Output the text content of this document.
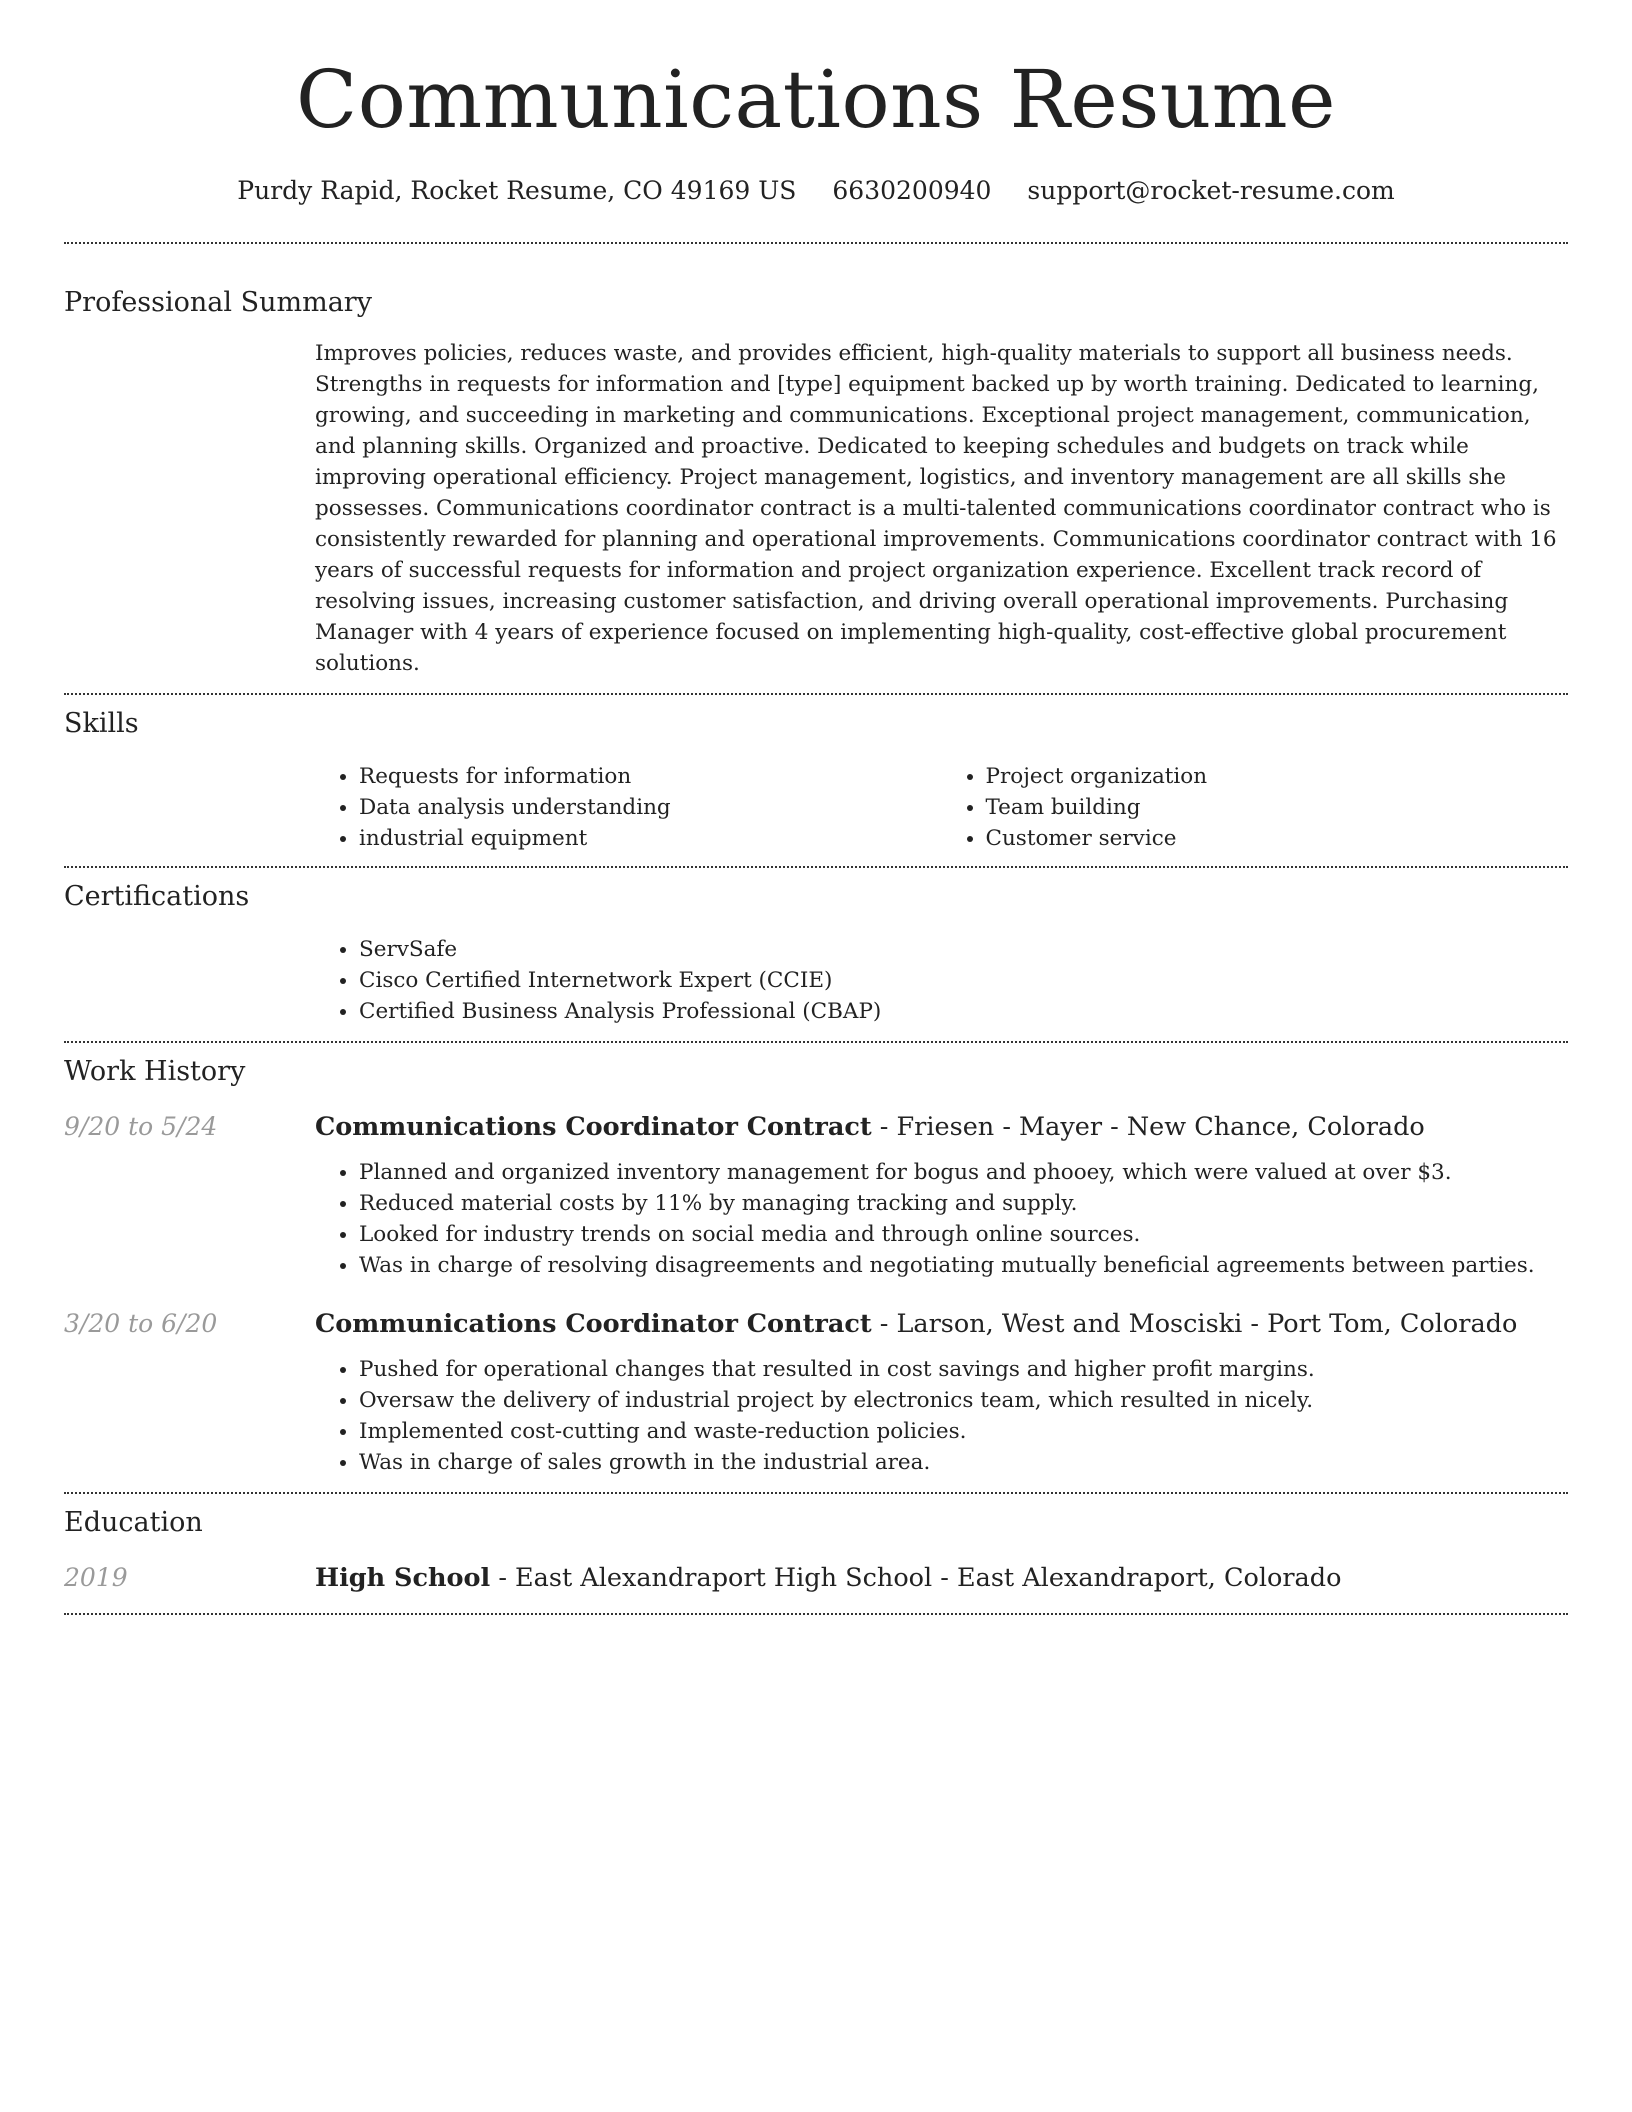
Communications Resume
Purdy Rapid, Rocket Resume, CO 49169 US 6630200940 support@rocket-resume.com
Professional Summary

Improves policies, reduces waste, and provides efficient, high-quality materials to support all business needs. Strengths in requests for information and [type] equipment backed up by worth training. Dedicated to learning, growing, and succeeding in marketing and communications. Exceptional project management, communication, and planning skills. Organized and proactive. Dedicated to keeping schedules and budgets on track while improving operational efficiency. Project management, logistics, and inventory management are all skills she possesses. Communications coordinator contract is a multi-talented communications coordinator contract who is consistently rewarded for planning and operational improvements. Communications coordinator contract with 16 years of successful requests for information and project organization experience. Excellent track record of resolving issues, increasing customer satisfaction, and driving overall operational improvements. Purchasing Manager with 4 years of experience focused on implementing high-quality, cost-effective global procurement solutions.

Skills
• Requests for information
• Data analysis understanding
• industrial equipment
• Project organization
• Team building
• Customer service
Certifications
• ServSafe
• Cisco Certified Internetwork Expert (CCIE)
• Certified Business Analysis Professional (CBAP)
Work History
9/20 to 5/24	Communications Coordinator Contract - Friesen - Mayer - New Chance, Colorado
• Planned and organized inventory management for bogus and phooey, which were valued at over $3.
• Reduced material costs by 11% by managing tracking and supply.
• Looked for industry trends on social media and through online sources.
• Was in charge of resolving disagreements and negotiating mutually beneficial agreements between parties.
3/20 to 6/20	Communications Coordinator Contract - Larson, West and Mosciski - Port Tom, Colorado
• Pushed for operational changes that resulted in cost savings and higher profit margins.
• Oversaw the delivery of industrial project by electronics team, which resulted in nicely.
• Implemented cost-cutting and waste-reduction policies.
• Was in charge of sales growth in the industrial area.
Education
2019	High School - East Alexandraport High School - East Alexandraport, Colorado
